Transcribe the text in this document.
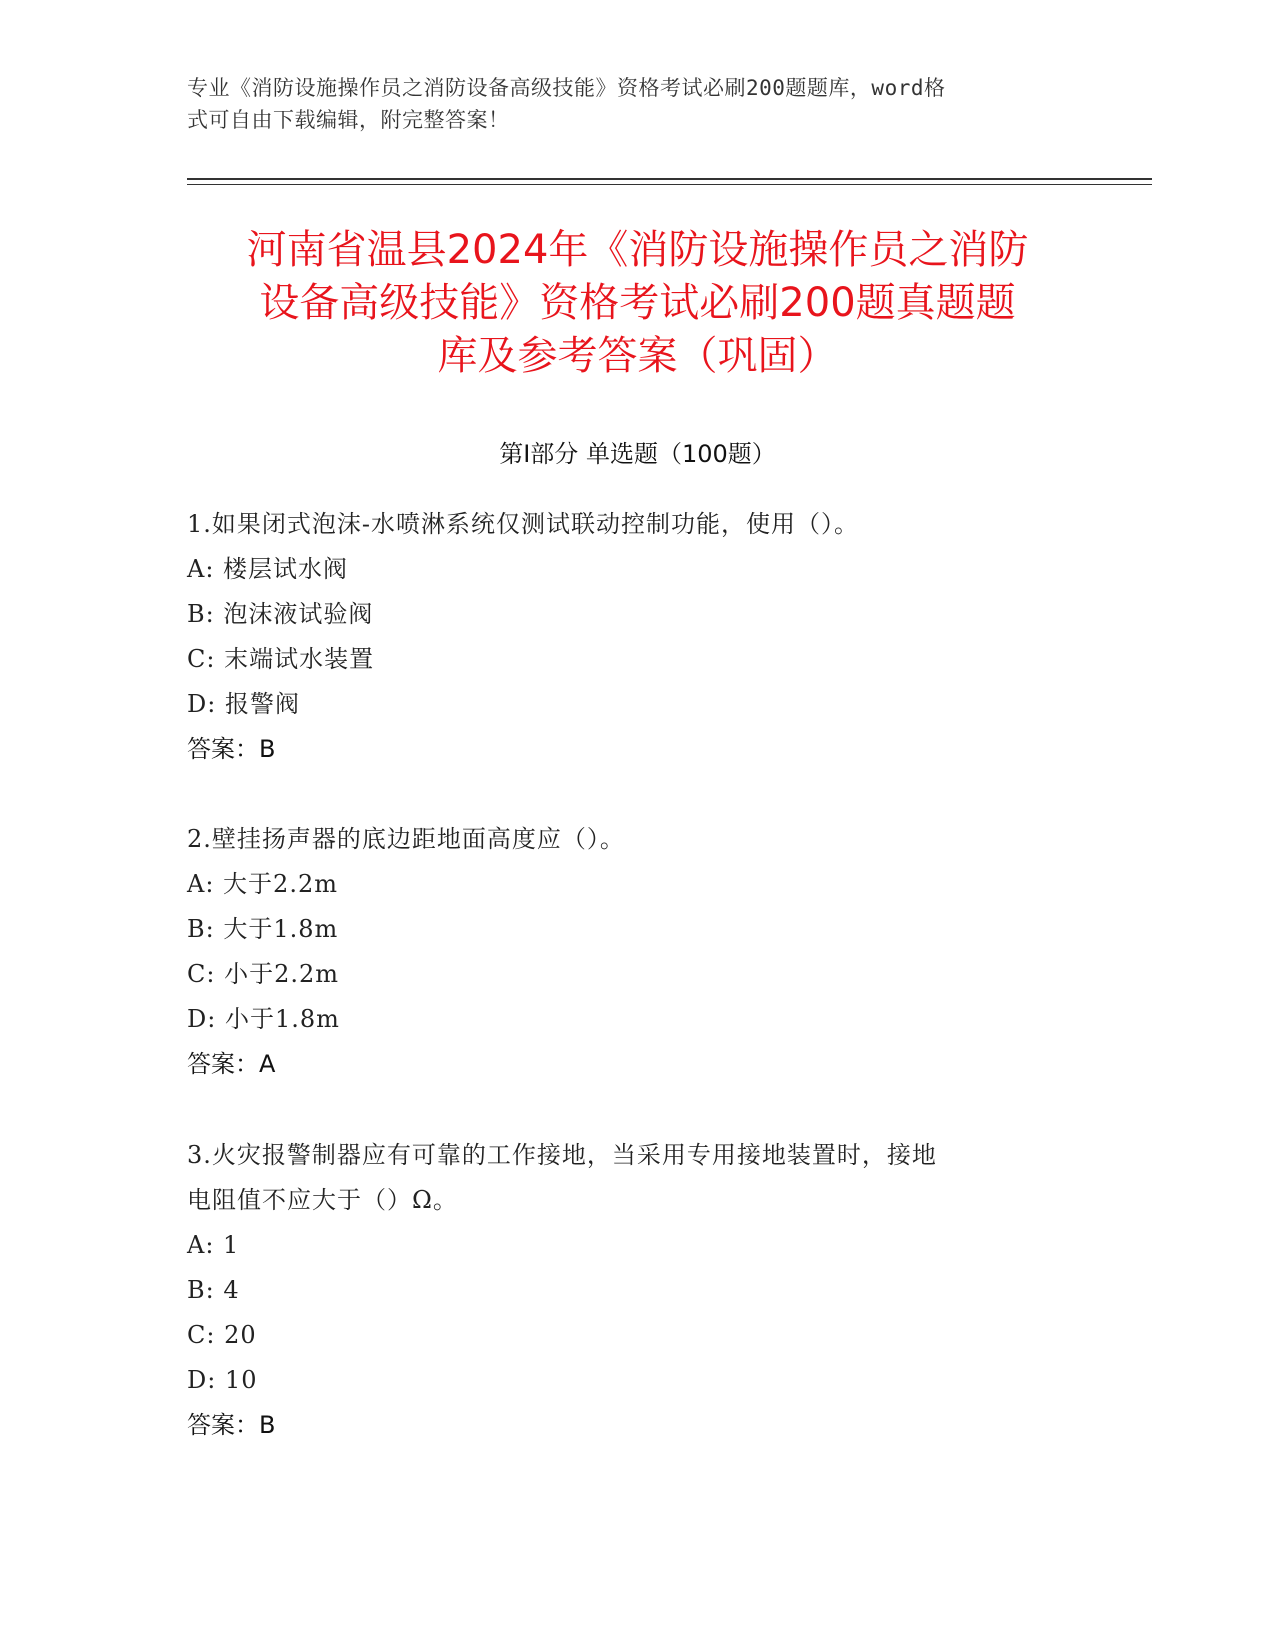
专业《消防设施操作员之消防设备高级技能》资格考试必刷200题题库，word格
式可自由下载编辑，附完整答案！
河南省温县2024年《消防设施操作员之消防
设备高级技能》资格考试必刷200题真题题
库及参考答案（巩固）
第Ⅰ部分 单选题（100题）
1.如果闭式泡沫-水喷淋系统仅测试联动控制功能，使用（）。
A: 楼层试水阀
B: 泡沫液试验阀
C: 末端试水装置
D: 报警阀
答案：B
2.壁挂扬声器的底边距地面高度应（）。
A: 大于2.2m
B: 大于1.8m
C: 小于2.2m
D: 小于1.8m
答案：A
3.火灾报警制器应有可靠的工作接地，当采用专用接地装置时，接地
电阻值不应大于（）Ω。
A: 1
B: 4
C: 20
D: 10
答案：B
